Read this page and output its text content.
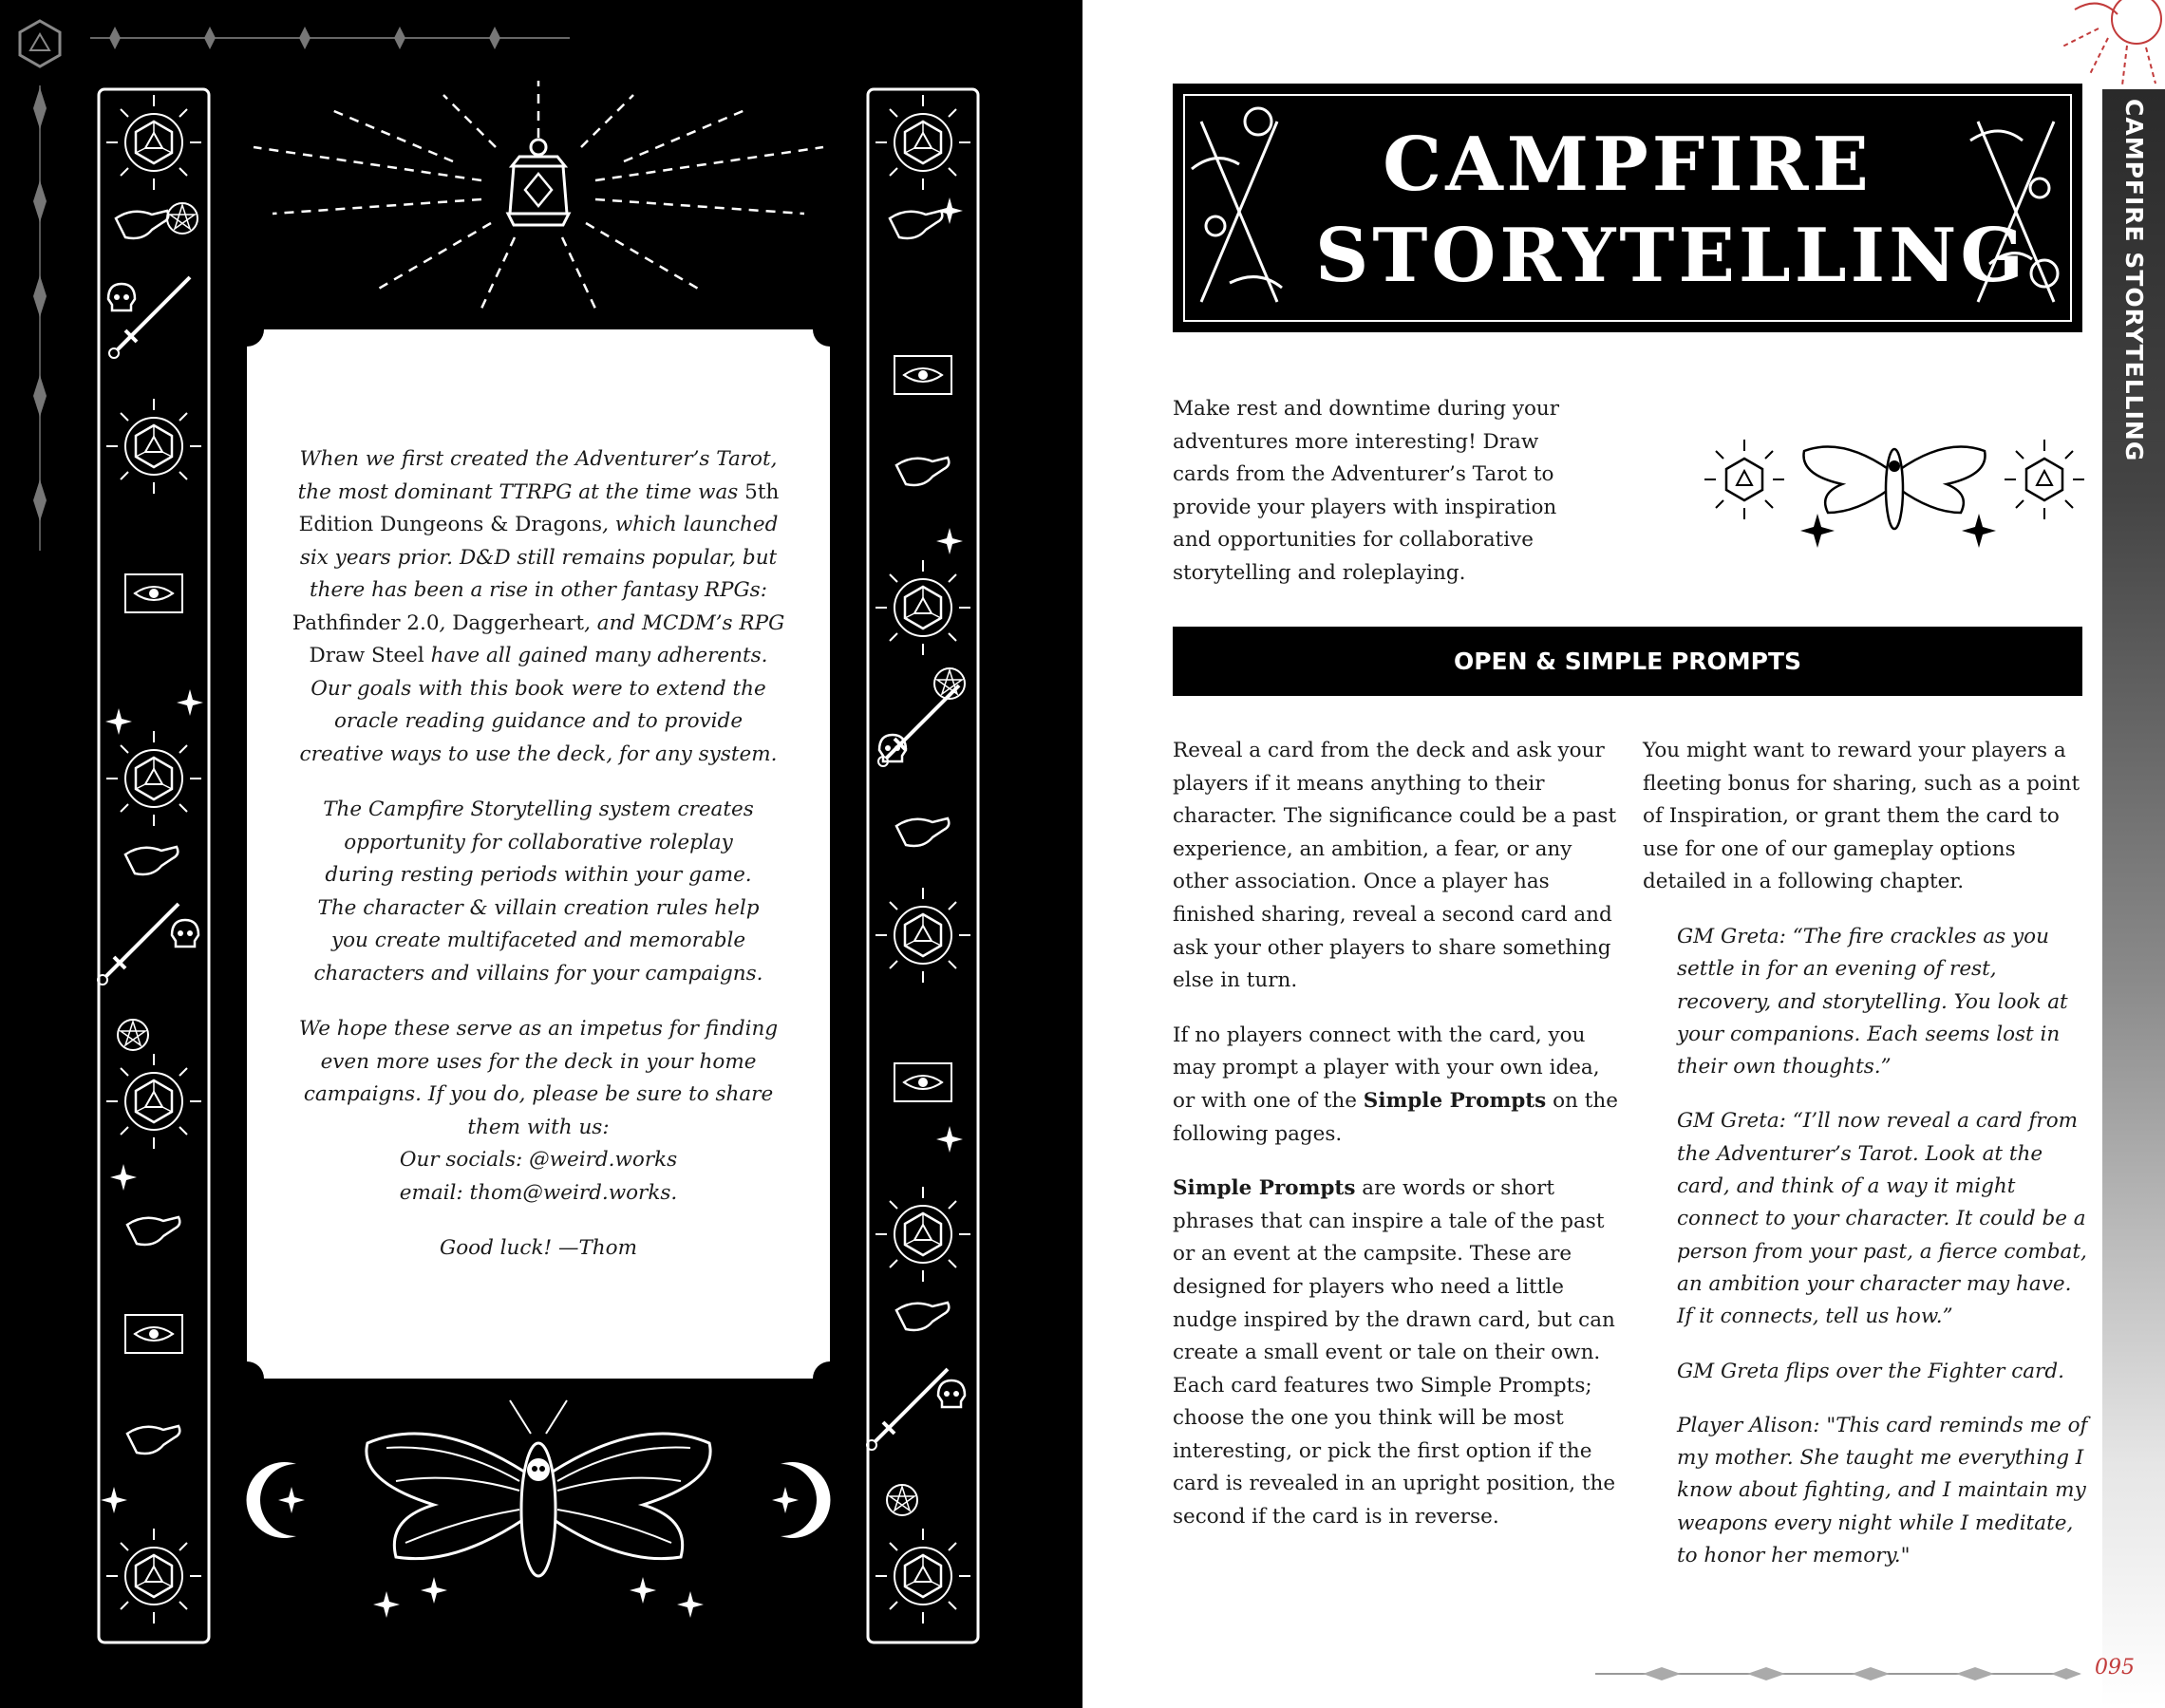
When we first created the Adventurer’s Tarot,
the most dominant TTRPG at the time was 5th
Edition Dungeons & Dragons, which launched
six years prior. D&D still remains popular, but
there has been a rise in other fantasy RPGs:
Pathfinder 2.0, Daggerheart, and MCDM’s RPG
Draw Steel have all gained many adherents.
Our goals with this book were to extend the
oracle reading guidance and to provide
creative ways to use the deck, for any system.

The Campfire Storytelling system creates
opportunity for collaborative roleplay
during resting periods within your game.
The character & villain creation rules help
you create multifaceted and memorable
characters and villains for your campaigns.

We hope these serve as an impetus for finding
even more uses for the deck in your home
campaigns. If you do, please be sure to share
them with us:
Our socials: @weird.works
email: thom@weird.works.

Good luck! —Thom

CAMPFIRE
STORYTELLING
Make rest and downtime during your adventures more interesting! Draw cards from the Adventurer’s Tarot to provide your players with inspiration and opportunities for collaborative storytelling and roleplaying.
OPEN & SIMPLE PROMPTS

Reveal a card from the deck and ask your players if it means anything to their character. The significance could be a past experience, an ambition, a fear, or any other association. Once a player has finished sharing, reveal a second card and ask your other players to share something else in turn.

If no players connect with the card, you may prompt a player with your own idea, or with one of the Simple Prompts on the following pages.

Simple Prompts are words or short phrases that can inspire a tale of the past or an event at the campsite. These are designed for players who need a little nudge inspired by the drawn card, but can create a small event or tale on their own. Each card features two Simple Prompts; choose the one you think will be most interesting, or pick the first option if the card is revealed in an upright position, the second if the card is in reverse.

You might want to reward your players a fleeting bonus for sharing, such as a point of Inspiration, or grant them the card to use for one of our gameplay options detailed in a following chapter.

GM Greta: “The fire crackles as you settle in for an evening of rest, recovery, and storytelling. You look at your companions. Each seems lost in their own thoughts.”

GM Greta: “I’ll now reveal a card from the Adventurer’s Tarot. Look at the card, and think of a way it might connect to your character. It could be a person from your past, a fierce combat, an ambition your character may have. If it connects, tell us how.”

GM Greta flips over the Fighter card.

Player Alison: "This card reminds me of my mother. She taught me everything I know about fighting, and I maintain my weapons every night while I meditate, to honor her memory."

CAMPFIRE STORYTELLING
095
